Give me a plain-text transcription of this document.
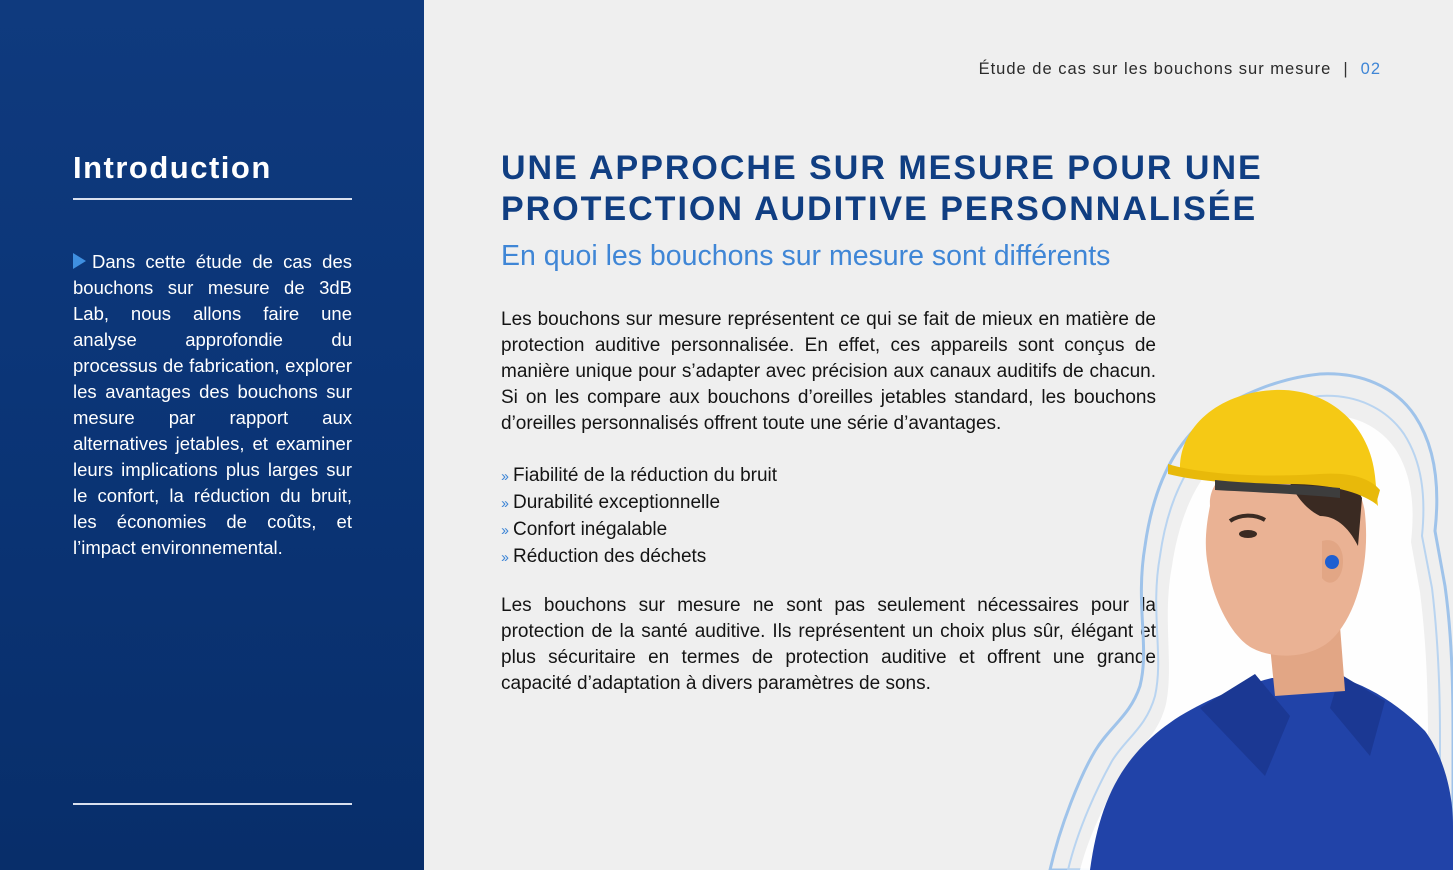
Introduction

Dans cette étude de cas des bouchons sur mesure de 3dB Lab, nous allons faire une analyse approfondie du processus de fabrication, explorer les avantages des bouchons sur mesure par rapport aux alternatives jetables, et examiner leurs implications plus larges sur le confort, la réduction du bruit, les économies de coûts, et l’impact environnemental.

Étude de cas sur les bouchons sur mesure | 02
UNE APPROCHE SUR MESURE POUR UNE PROTECTION AUDITIVE PERSONNALISÉE
En quoi les bouchons sur mesure sont différents

Les bouchons sur mesure représentent ce qui se fait de mieux en matière de protection auditive personnalisée. En effet, ces appareils sont conçus de manière unique pour s’adapter avec précision aux canaux auditifs de chacun. Si on les compare aux bouchons d’oreilles jetables standard, les bouchons d’oreilles personnalisés offrent toute une série d’avantages.

›› Fiabilité de la réduction du bruit
›› Durabilité exceptionnelle
›› Confort inégalable
›› Réduction des déchets

Les bouchons sur mesure ne sont pas seulement nécessaires pour la protection de la santé auditive. Ils représentent un choix plus sûr, élégant et plus sécuritaire en termes de protection auditive et offrent une grande capacité d’adaptation à divers paramètres de sons.
